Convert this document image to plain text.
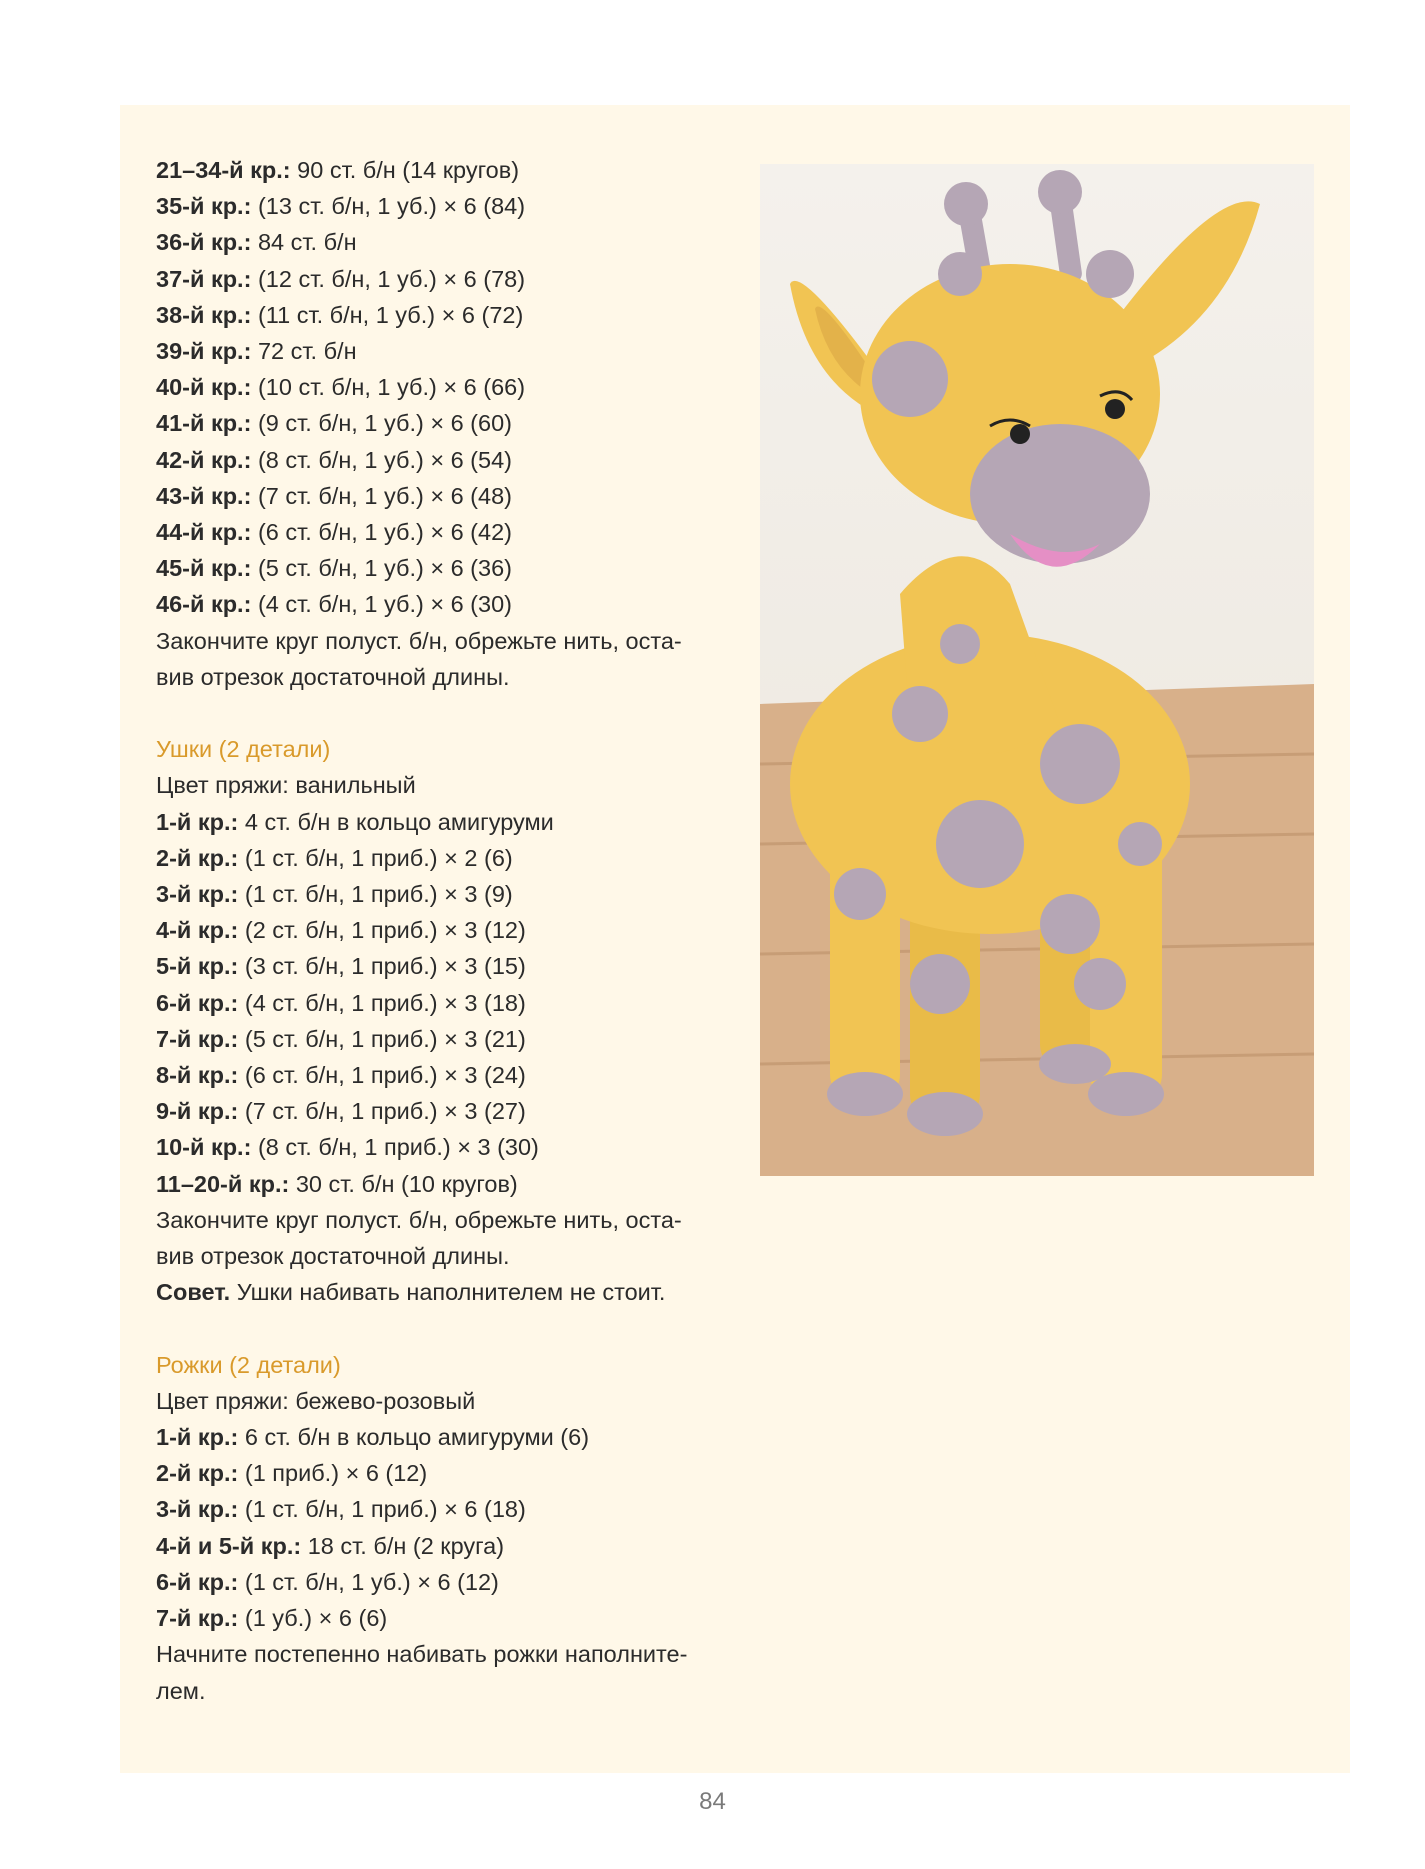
21–34-й кр.: 90 ст. б/н (14 кругов)
35-й кр.: (13 ст. б/н, 1 уб.) × 6 (84)
36-й кр.: 84 ст. б/н
37-й кр.: (12 ст. б/н, 1 уб.) × 6 (78)
38-й кр.: (11 ст. б/н, 1 уб.) × 6 (72)
39-й кр.: 72 ст. б/н
40-й кр.: (10 ст. б/н, 1 уб.) × 6 (66)
41-й кр.: (9 ст. б/н, 1 уб.) × 6 (60)
42-й кр.: (8 ст. б/н, 1 уб.) × 6 (54)
43-й кр.: (7 ст. б/н, 1 уб.) × 6 (48)
44-й кр.: (6 ст. б/н, 1 уб.) × 6 (42)
45-й кр.: (5 ст. б/н, 1 уб.) × 6 (36)
46-й кр.: (4 ст. б/н, 1 уб.) × 6 (30)
Закончите круг полуст. б/н, обрежьте нить, оста-
вив отрезок достаточной длины.
Ушки (2 детали)
Цвет пряжи: ванильный
1-й кр.: 4 ст. б/н в кольцо амигуруми
2-й кр.: (1 ст. б/н, 1 приб.) × 2 (6)
3-й кр.: (1 ст. б/н, 1 приб.) × 3 (9)
4-й кр.: (2 ст. б/н, 1 приб.) × 3 (12)
5-й кр.: (3 ст. б/н, 1 приб.) × 3 (15)
6-й кр.: (4 ст. б/н, 1 приб.) × 3 (18)
7-й кр.: (5 ст. б/н, 1 приб.) × 3 (21)
8-й кр.: (6 ст. б/н, 1 приб.) × 3 (24)
9-й кр.: (7 ст. б/н, 1 приб.) × 3 (27)
10-й кр.: (8 ст. б/н, 1 приб.) × 3 (30)
11–20-й кр.: 30 ст. б/н (10 кругов)
Закончите круг полуст. б/н, обрежьте нить, оста-
вив отрезок достаточной длины.
Совет. Ушки набивать наполнителем не стоит.
Рожки (2 детали)
Цвет пряжи: бежево-розовый
1-й кр.: 6 ст. б/н в кольцо амигуруми (6)
2-й кр.: (1 приб.) × 6 (12)
3-й кр.: (1 ст. б/н, 1 приб.) × 6 (18)
4-й и 5-й кр.: 18 ст. б/н (2 круга)
6-й кр.: (1 ст. б/н, 1 уб.) × 6 (12)
7-й кр.: (1 уб.) × 6 (6)
Начните постепенно набивать рожки наполните-
лем.
84
